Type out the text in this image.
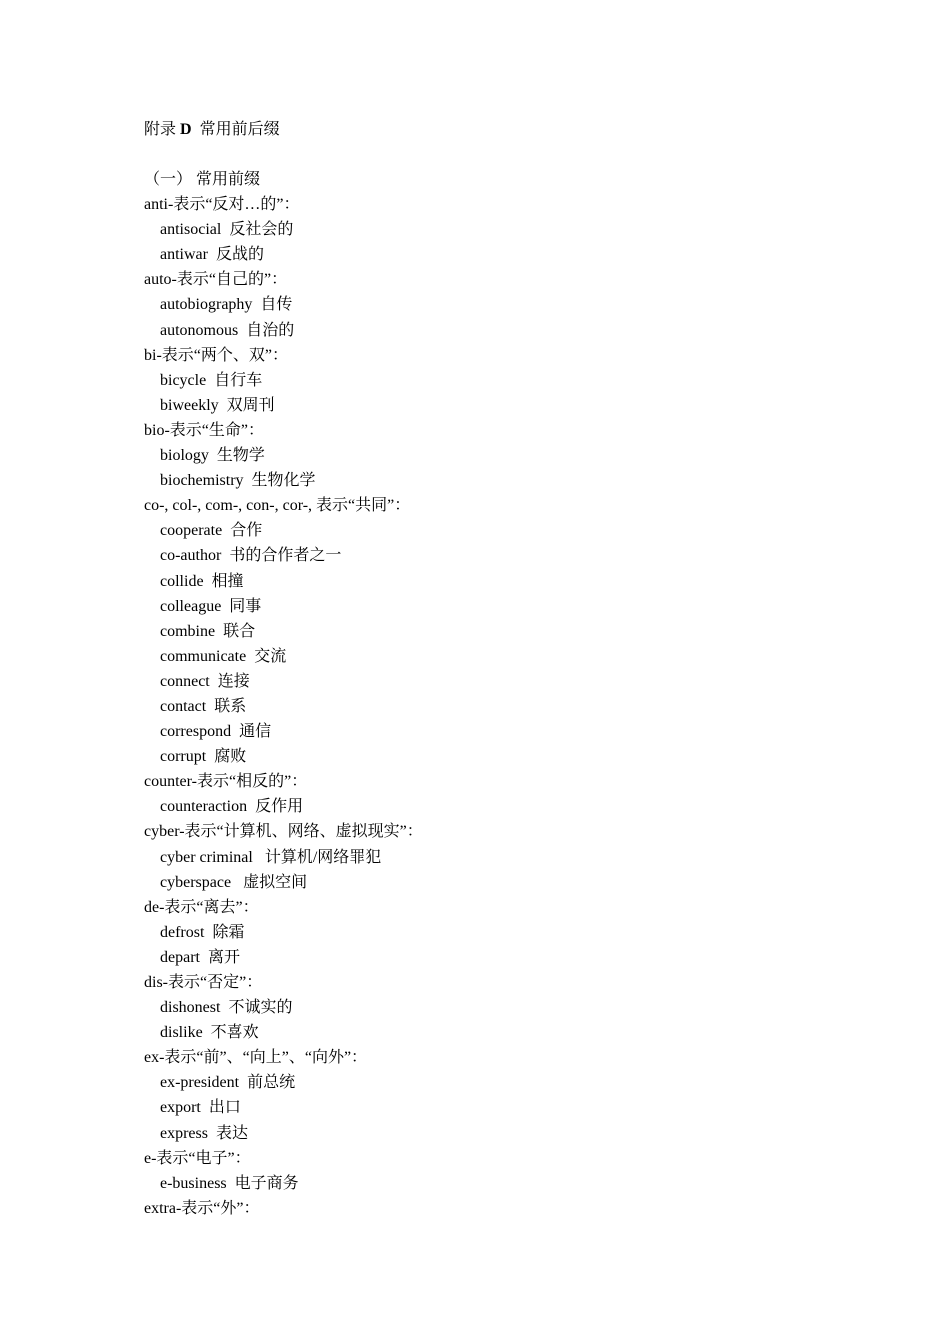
附录 D 常用前后缀
（一） 常用前缀
anti-表示“反对…的”：
antisocial 反社会的
antiwar 反战的
auto-表示“自己的”：
autobiography 自传
autonomous 自治的
bi-表示“两个、双”：
bicycle 自行车
biweekly 双周刊
bio-表示“生命”：
biology 生物学
biochemistry 生物化学
co-, col-, com-, con-, cor-, 表示“共同”：
cooperate 合作
co-author 书的合作者之一
collide 相撞
colleague 同事
combine 联合
communicate 交流
connect 连接
contact 联系
correspond 通信
corrupt 腐败
counter-表示“相反的”：
counteraction 反作用
cyber-表示“计算机、网络、虚拟现实”：
cyber criminal 计算机/网络罪犯
cyberspace 虚拟空间
de-表示“离去”：
defrost 除霜
depart 离开
dis-表示“否定”：
dishonest 不诚实的
dislike 不喜欢
ex-表示“前”、“向上”、“向外”：
ex-president 前总统
export 出口
express 表达
e-表示“电子”：
e-business 电子商务
extra-表示“外”：
